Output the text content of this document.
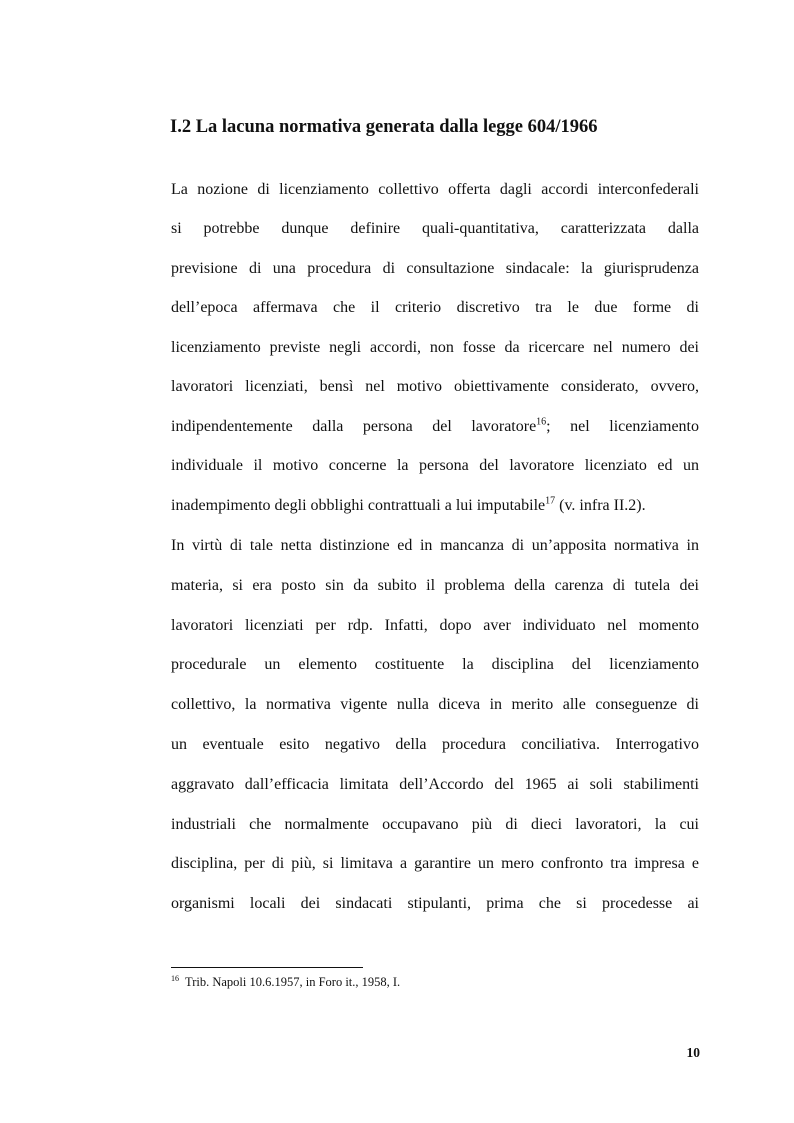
I.2 La lacuna normativa generata dalla legge 604/1966
La nozione di licenziamento collettivo offerta dagli accordi interconfederali
si potrebbe dunque definire quali-quantitativa, caratterizzata dalla
previsione di una procedura di consultazione sindacale: la giurisprudenza
dell’epoca affermava che il criterio discretivo tra le due forme di
licenziamento previste negli accordi, non fosse da ricercare nel numero dei
lavoratori licenziati, bensì nel motivo obiettivamente considerato, ovvero,
indipendentemente dalla persona del lavoratore$^{16}$; nel licenziamento
individuale il motivo concerne la persona del lavoratore licenziato ed un
inadempimento degli obblighi contrattuali a lui imputabile$^{17}$ (v. infra II.2).
In virtù di tale netta distinzione ed in mancanza di un’apposita normativa in
materia, si era posto sin da subito il problema della carenza di tutela dei
lavoratori licenziati per rdp. Infatti, dopo aver individuato nel momento
procedurale un elemento costituente la disciplina del licenziamento
collettivo, la normativa vigente nulla diceva in merito alle conseguenze di
un eventuale esito negativo della procedura conciliativa. Interrogativo
aggravato dall’efficacia limitata dell’Accordo del 1965 ai soli stabilimenti
industriali che normalmente occupavano più di dieci lavoratori, la cui
disciplina, per di più, si limitava a garantire un mero confronto tra impresa e
organismi locali dei sindacati stipulanti, prima che si procedesse ai
$^{16}$ Trib. Napoli 10.6.1957, in Foro it., 1958, I.
10
